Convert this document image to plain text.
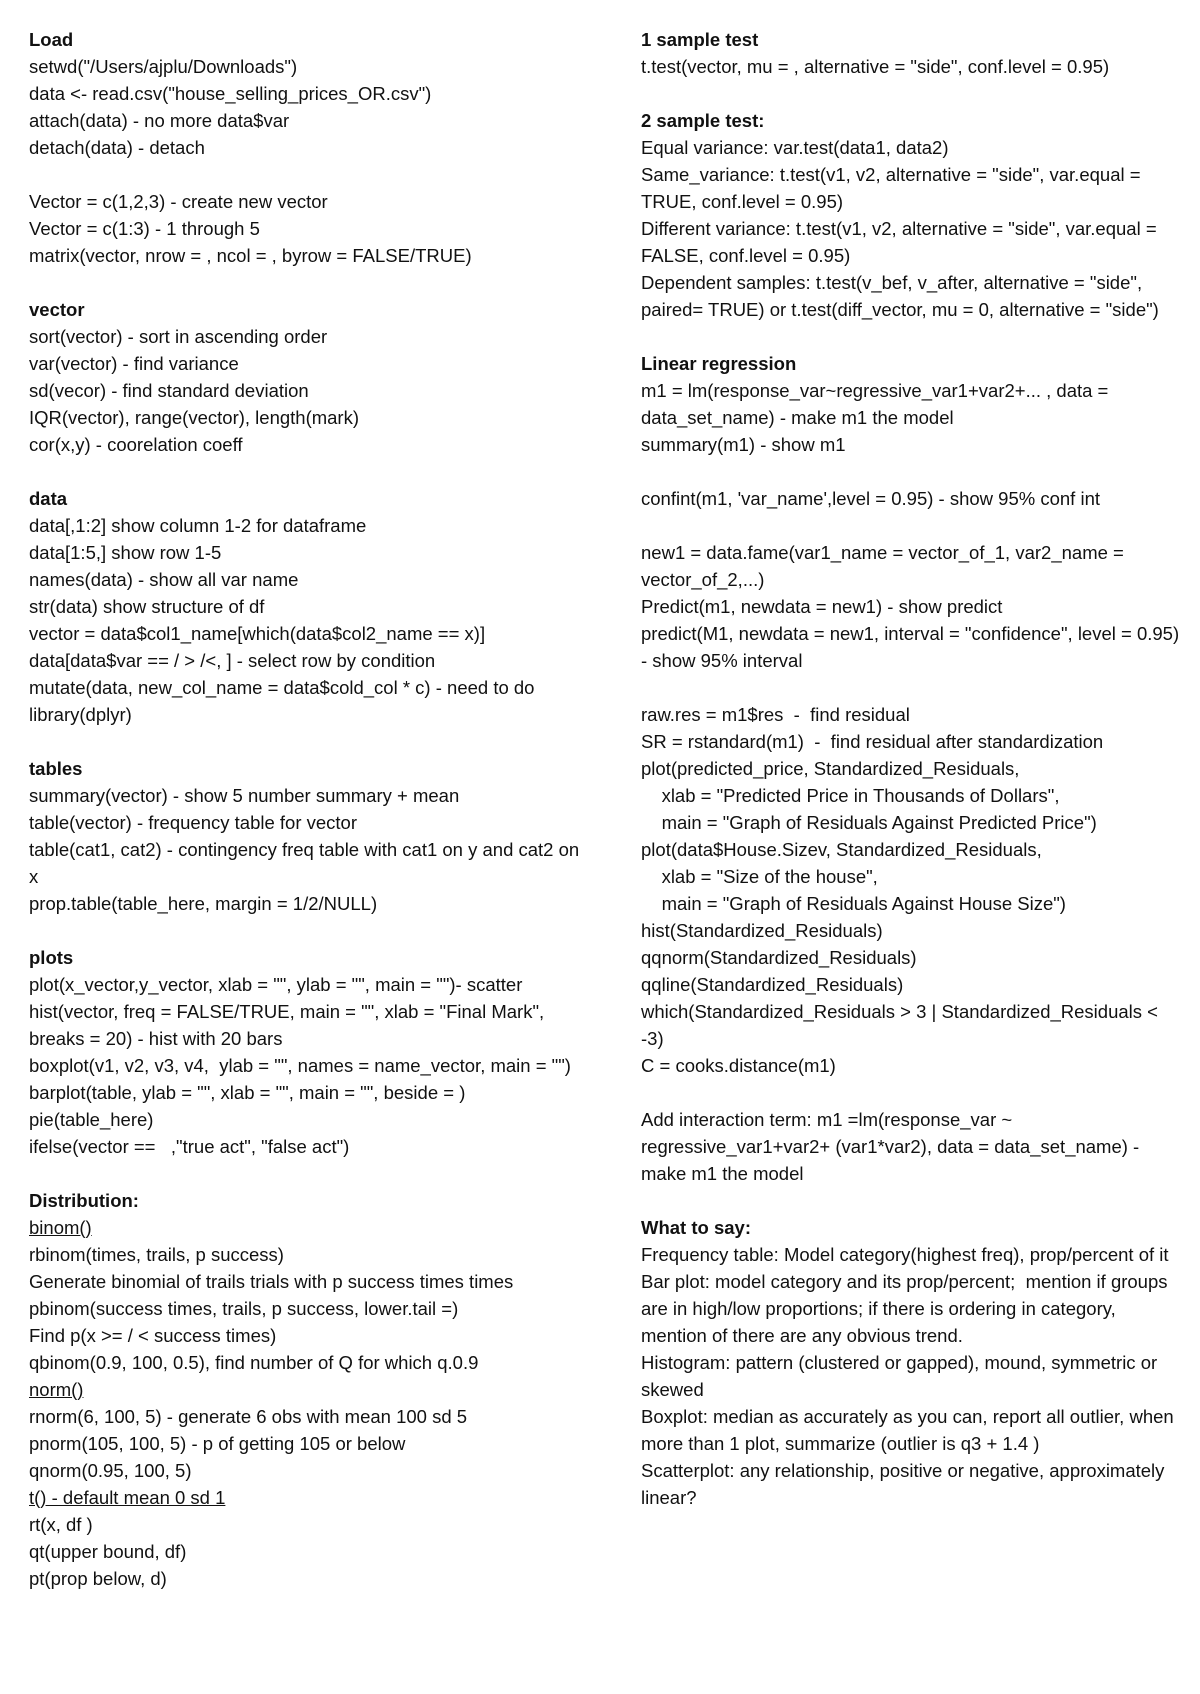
Load
setwd("/Users/ajplu/Downloads")
data <- read.csv("house_selling_prices_OR.csv")
attach(data) - no more data$var
detach(data) - detach
Vector = c(1,2,3) - create new vector
Vector = c(1:3) - 1 through 5
matrix(vector, nrow = , ncol = , byrow = FALSE/TRUE)
vector
sort(vector) - sort in ascending order
var(vector) - find variance
sd(vecor) - find standard deviation
IQR(vector), range(vector), length(mark)
cor(x,y) - coorelation coeff
data
data[,1:2] show column 1-2 for dataframe
data[1:5,] show row 1-5
names(data) - show all var name
str(data) show structure of df
vector = data$col1_name[which(data$col2_name == x)]
data[data$var == / > /<, ] - select row by condition
mutate(data, new_col_name = data$cold_col * c) - need to do library(dplyr)
tables
summary(vector) - show 5 number summary + mean
table(vector) - frequency table for vector
table(cat1, cat2) - contingency freq table with cat1 on y and cat2 on x
prop.table(table_here, margin = 1/2/NULL)
plots
plot(x_vector,y_vector, xlab = "", ylab = "", main = "")- scatter
hist(vector, freq = FALSE/TRUE, main = "", xlab = "Final Mark", breaks = 20) - hist with 20 bars
boxplot(v1, v2, v3, v4,  ylab = "", names = name_vector, main = "")
barplot(table, ylab = "", xlab = "", main = "", beside = )
pie(table_here)
ifelse(vector ==   ,"true act", "false act")
Distribution:
binom()
rbinom(times, trails, p success)
Generate binomial of trails trials with p success times times
pbinom(success times, trails, p success, lower.tail =)
Find p(x >= / < success times)
qbinom(0.9, 100, 0.5), find number of Q for which q.0.9
norm()
rnorm(6, 100, 5) - generate 6 obs with mean 100 sd 5
pnorm(105, 100, 5) - p of getting 105 or below
qnorm(0.95, 100, 5)
t() - default mean 0 sd 1
rt(x, df )
qt(upper bound, df)
pt(prop below, d)
1 sample test
t.test(vector, mu = , alternative = "side", conf.level = 0.95)
2 sample test:
Equal variance: var.test(data1, data2)
Same_variance: t.test(v1, v2, alternative = "side", var.equal = TRUE, conf.level = 0.95)
Different variance: t.test(v1, v2, alternative = "side", var.equal = FALSE, conf.level = 0.95)
Dependent samples: t.test(v_bef, v_after, alternative = "side", paired= TRUE) or t.test(diff_vector, mu = 0, alternative = "side")
Linear regression
m1 = lm(response_var~regressive_var1+var2+... , data = data_set_name) - make m1 the model
summary(m1) - show m1
confint(m1, 'var_name',level = 0.95) - show 95% conf int
new1 = data.fame(var1_name = vector_of_1, var2_name = vector_of_2,...)
Predict(m1, newdata = new1) - show predict
predict(M1, newdata = new1, interval = "confidence", level = 0.95) - show 95% interval
raw.res = m1$res  -  find residual
SR = rstandard(m1)  -  find residual after standardization
plot(predicted_price, Standardized_Residuals,
xlab = "Predicted Price in Thousands of Dollars",
main = "Graph of Residuals Against Predicted Price")
plot(data$House.Sizev, Standardized_Residuals,
xlab = "Size of the house",
main = "Graph of Residuals Against House Size")
hist(Standardized_Residuals)
qqnorm(Standardized_Residuals)
qqline(Standardized_Residuals)
which(Standardized_Residuals > 3 | Standardized_Residuals < -3)
C = cooks.distance(m1)
Add interaction term: m1 =lm(response_var ~ regressive_var1+var2+ (var1*var2), data = data_set_name) - make m1 the model
What to say:
Frequency table: Model category(highest freq), prop/percent of it
Bar plot: model category and its prop/percent;  mention if groups are in high/low proportions; if there is ordering in category, mention of there are any obvious trend.
Histogram: pattern (clustered or gapped), mound, symmetric or skewed
Boxplot: median as accurately as you can, report all outlier, when more than 1 plot, summarize (outlier is q3 + 1.4 )
Scatterplot: any relationship, positive or negative, approximately linear?
